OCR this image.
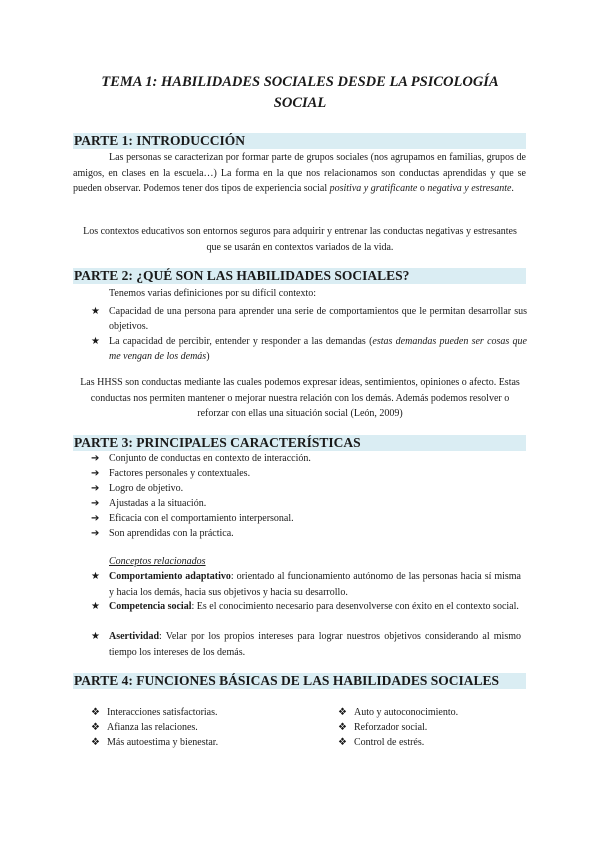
TEMA 1: HABILIDADES SOCIALES DESDE LA PSICOLOGÍA SOCIAL
PARTE 1: INTRODUCCIÓN
Las personas se caracterizan por formar parte de grupos sociales (nos agrupamos en familias, grupos de amigos, en clases en la escuela…) La forma en la que nos relacionamos son conductas aprendidas y que se pueden observar. Podemos tener dos tipos de experiencia social positiva y gratificante o negativa y estresante.
Los contextos educativos son entornos seguros para adquirir y entrenar las conductas negativas y estresantes que se usarán en contextos variados de la vida.
PARTE 2: ¿QUÉ SON LAS HABILIDADES SOCIALES?
Tenemos varias definiciones por su difícil contexto:
★ Capacidad de una persona para aprender una serie de comportamientos que le permitan desarrollar sus objetivos.
★ La capacidad de percibir, entender y responder a las demandas (estas demandas pueden ser cosas que me vengan de los demás)
Las HHSS son conductas mediante las cuales podemos expresar ideas, sentimientos, opiniones o afecto. Estas conductas nos permiten mantener o mejorar nuestra relación con los demás. Además podemos resolver o reforzar con ellas una situación social (León, 2009)
PARTE 3: PRINCIPALES CARACTERÍSTICAS
➔ Conjunto de conductas en contexto de interacción.
➔ Factores personales y contextuales.
➔ Logro de objetivo.
➔ Ajustadas a la situación.
➔ Eficacia con el comportamiento interpersonal.
➔ Son aprendidas con la práctica.
Conceptos relacionados
★ Comportamiento adaptativo: orientado al funcionamiento autónomo de las personas hacia sí misma y hacia los demás, hacia sus objetivos y hacia su desarrollo.
★ Competencia social: Es el conocimiento necesario para desenvolverse con éxito en el contexto social.
★ Asertividad: Velar por los propios intereses para lograr nuestros objetivos considerando al mismo tiempo los intereses de los demás.
PARTE 4: FUNCIONES BÁSICAS DE LAS HABILIDADES SOCIALES
❖ Interacciones satisfactorias.
❖ Afianza las relaciones.
❖ Más autoestima y bienestar.
❖ Auto y autoconocimiento.
❖ Reforzador social.
❖ Control de estrés.
